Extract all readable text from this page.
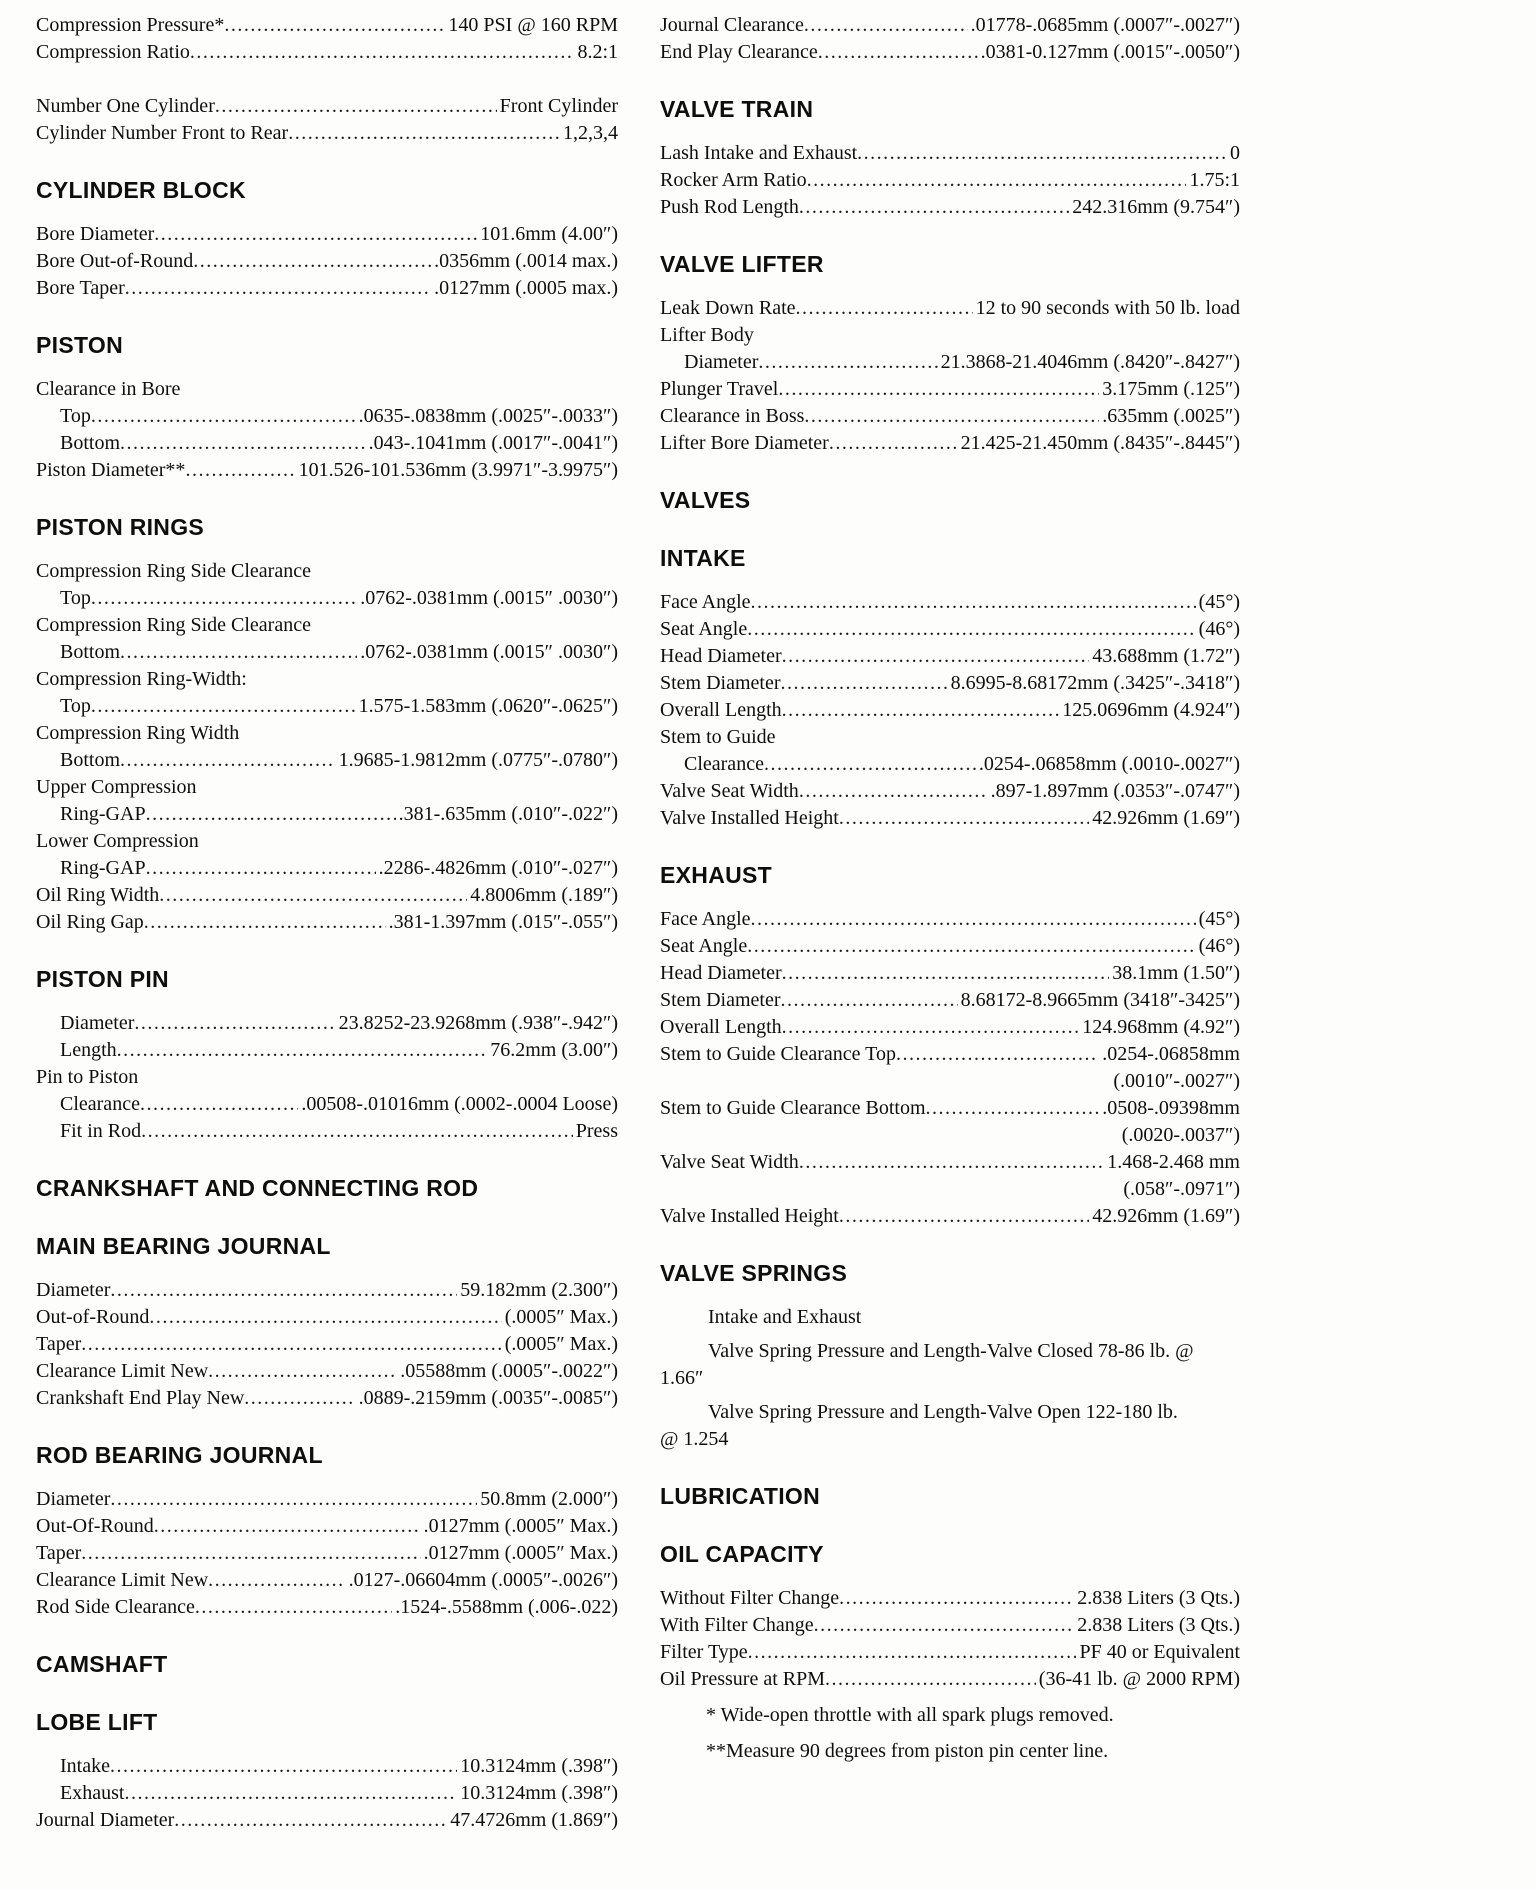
Compression Pressure* .....	140 PSI @ 160 RPM
Compression Ratio .....	8.2:1
Number One Cylinder .....	Front Cylinder
Cylinder Number Front to Rear .....	1,2,3,4
CYLINDER BLOCK
Bore Diameter .....	101.6mm (4.00″)
Bore Out-of-Round .....	.0356mm (.0014 max.)
Bore Taper .....	.0127mm (.0005 max.)
PISTON
Clearance in Bore
Top .....	.0635-.0838mm (.0025″-.0033″)
Bottom .....	.043-.1041mm (.0017″-.0041″)
Piston Diameter** .....	101.526-101.536mm (3.9971″-3.9975″)
PISTON RINGS
Compression Ring Side Clearance
Top .....	.0762-.0381mm (.0015″ .0030″)
Compression Ring Side Clearance
Bottom .....	.0762-.0381mm (.0015″ .0030″)
Compression Ring-Width:
Top .....	1.575-1.583mm (.0620″-.0625″)
Compression Ring Width
Bottom .....	1.9685-1.9812mm (.0775″-.0780″)
Upper Compression
Ring-GAP .....	.381-.635mm (.010″-.022″)
Lower Compression
Ring-GAP .....	.2286-.4826mm (.010″-.027″)
Oil Ring Width .....	4.8006mm (.189″)
Oil Ring Gap .....	.381-1.397mm (.015″-.055″)
PISTON PIN
Diameter .....	23.8252-23.9268mm (.938″-.942″)
Length .....	76.2mm (3.00″)
Pin to Piston
Clearance .....	.00508-.01016mm (.0002-.0004 Loose)
Fit in Rod .....	Press
CRANKSHAFT AND CONNECTING ROD
MAIN BEARING JOURNAL
Diameter .....	59.182mm (2.300″)
Out-of-Round .....	(.0005″ Max.)
Taper .....	(.0005″ Max.)
Clearance Limit New .....	.05588mm (.0005″-.0022″)
Crankshaft End Play New .....	.0889-.2159mm (.0035″-.0085″)
ROD BEARING JOURNAL
Diameter .....	50.8mm (2.000″)
Out-Of-Round .....	.0127mm (.0005″ Max.)
Taper .....	.0127mm (.0005″ Max.)
Clearance Limit New .....	.0127-.06604mm (.0005″-.0026″)
Rod Side Clearance .....	.1524-.5588mm (.006-.022)
CAMSHAFT
LOBE LIFT
Intake .....	10.3124mm (.398″)
Exhaust .....	10.3124mm (.398″)
Journal Diameter .....	47.4726mm (1.869″)
Journal Clearance .....	.01778-.0685mm (.0007″-.0027″)
End Play Clearance .....	.0381-0.127mm (.0015″-.0050″)
VALVE TRAIN
Lash Intake and Exhaust .....	0
Rocker Arm Ratio .....	1.75:1
Push Rod Length .....	242.316mm (9.754″)
VALVE LIFTER
Leak Down Rate .....	12 to 90 seconds with 50 lb. load
Lifter Body
Diameter .....	21.3868-21.4046mm (.8420″-.8427″)
Plunger Travel .....	3.175mm (.125″)
Clearance in Boss .....	.635mm (.0025″)
Lifter Bore Diameter .....	21.425-21.450mm (.8435″-.8445″)
VALVES
INTAKE
Face Angle .....	(45°)
Seat Angle .....	(46°)
Head Diameter .....	43.688mm (1.72″)
Stem Diameter .....	8.6995-8.68172mm (.3425″-.3418″)
Overall Length .....	125.0696mm (4.924″)
Stem to Guide
Clearance .....	.0254-.06858mm (.0010-.0027″)
Valve Seat Width .....	.897-1.897mm (.0353″-.0747″)
Valve Installed Height .....	42.926mm (1.69″)
EXHAUST
Face Angle .....	(45°)
Seat Angle .....	(46°)
Head Diameter .....	38.1mm (1.50″)
Stem Diameter .....	8.68172-8.9665mm (3418″-3425″)
Overall Length .....	124.968mm (4.92″)
Stem to Guide Clearance Top .....	.0254-.06858mm
(.0010″-.0027″)
Stem to Guide Clearance Bottom .....	.0508-.09398mm
(.0020-.0037″)
Valve Seat Width .....	1.468-2.468 mm
(.058″-.0971″)
Valve Installed Height .....	42.926mm (1.69″)
VALVE SPRINGS
Intake and Exhaust
Valve Spring Pressure and Length-Valve Closed 78-86 lb. @
1.66″
Valve Spring Pressure and Length-Valve Open 122-180 lb.
@ 1.254
LUBRICATION
OIL CAPACITY
Without Filter Change .....	2.838 Liters (3 Qts.)
With Filter Change .....	2.838 Liters (3 Qts.)
Filter Type .....	PF 40 or Equivalent
Oil Pressure at RPM .....	(36-41 lb. @ 2000 RPM)
* Wide-open throttle with all spark plugs removed.
**Measure 90 degrees from piston pin center line.
